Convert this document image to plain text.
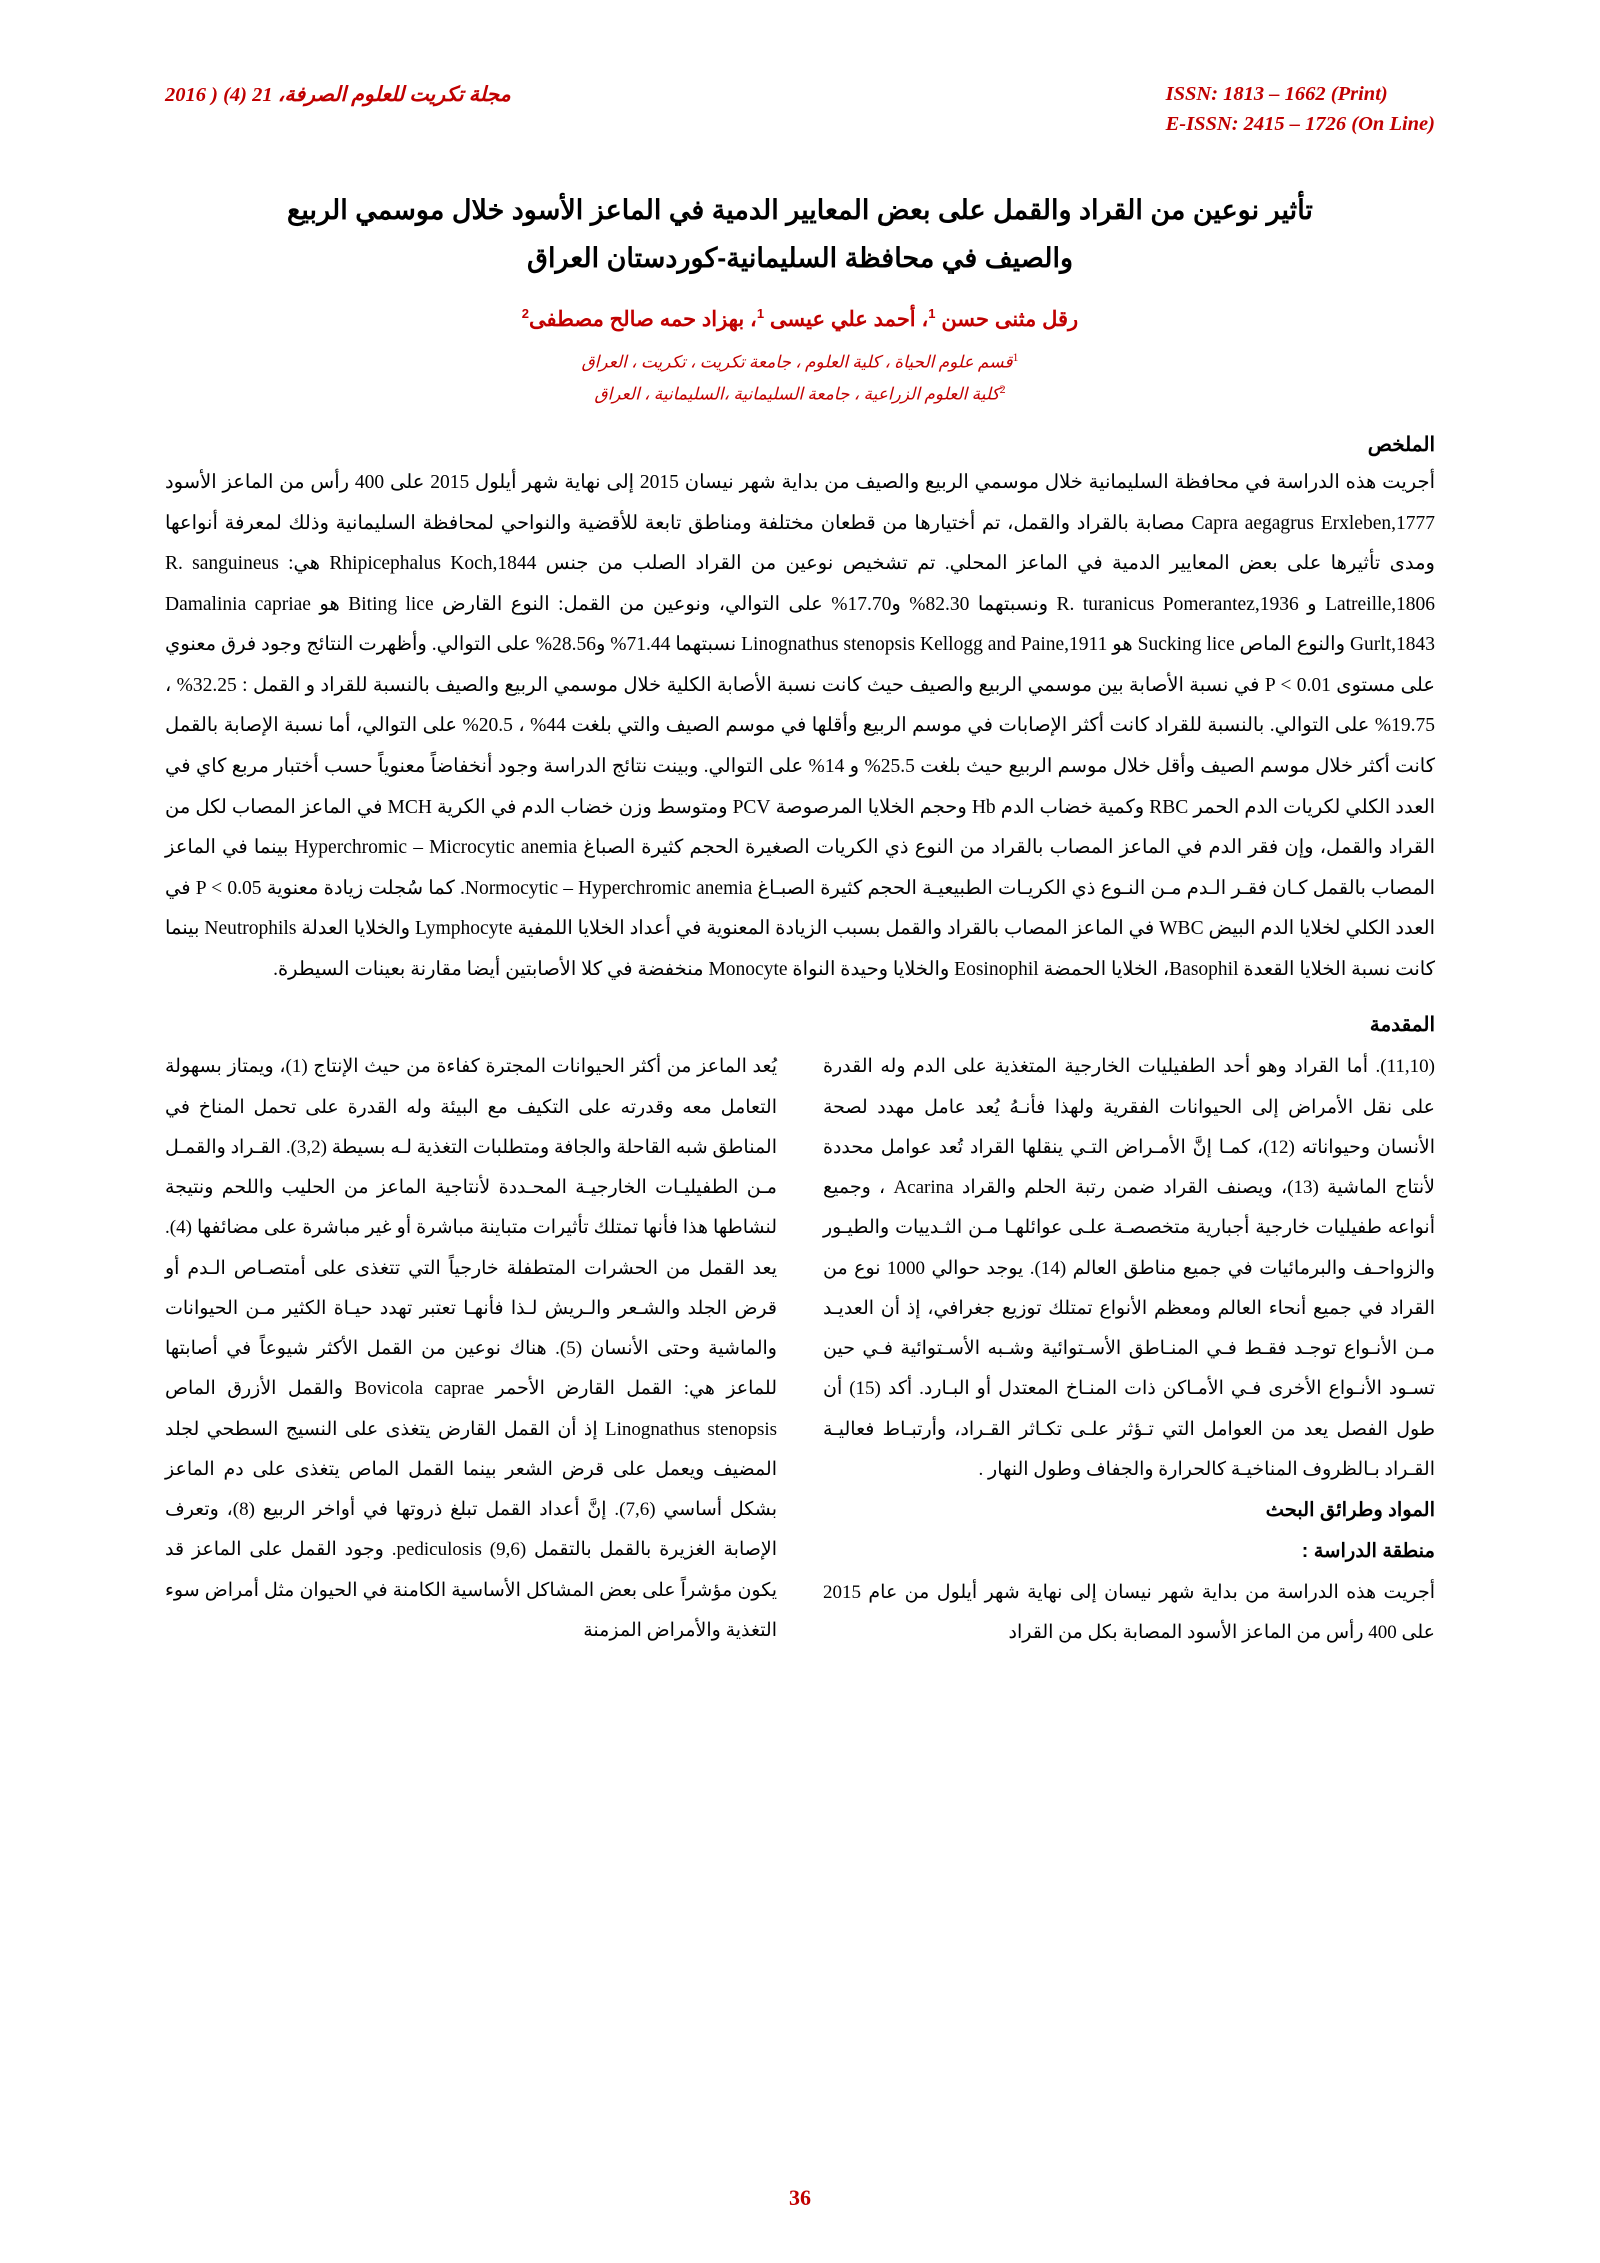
مجلة تكريت للعلوم الصرفة، 21 (4) ( 2016	ISSN: 1813 – 1662 (Print)
E-ISSN: 2415 – 1726 (On Line)
تأثير نوعين من القراد والقمل على بعض المعايير الدمية في الماعز الأسود خلال موسمي الربيع
والصيف في محافظة السليمانية-كوردستان العراق
رقل مثنى حسن $^1$، أحمد علي عيسى $^1$، بهزاد حمه صالح مصطفى$^2$
$^1$قسم علوم الحياة ، كلية العلوم ، جامعة تكريت ، تكريت ، العراق
$^2$كلية العلوم الزراعية ، جامعة السليمانية ،السليمانية ، العراق
الملخص
أجريت هذه الدراسة في محافظة السليمانية خلال موسمي الربيع والصيف من بداية شهر نيسان 2015 إلى نهاية شهر أيلول 2015 على 400 رأس من الماعز الأسود Capra aegagrus Erxleben,1777 مصابة بالقراد والقمل، تم أختيارها من قطعان مختلفة ومناطق تابعة للأقضية والنواحي لمحافظة السليمانية وذلك لمعرفة أنواعها ومدى تأثيرها على بعض المعايير الدمية في الماعز المحلي. تم تشخيص نوعين من القراد الصلب من جنس Rhipicephalus Koch,1844 هي: R. sanguineus Latreille,1806 و R. turanicus Pomerantez,1936 ونسبتهما 82.30% و17.70% على التوالي، ونوعين من القمل: النوع القارض Biting lice هو Damalinia capriae Gurlt,1843 والنوع الماص Sucking lice هو Linognathus stenopsis Kellogg and Paine,1911 نسبتهما 71.44% و28.56% على التوالي. وأظهرت النتائج وجود فرق معنوي على مستوى P < 0.01 في نسبة الأصابة بين موسمي الربيع والصيف حيث كانت نسبة الأصابة الكلية خلال موسمي الربيع والصيف بالنسبة للقراد و القمل : 32.25% ، 19.75% على التوالي. بالنسبة للقراد كانت أكثر الإصابات في موسم الربيع وأقلها في موسم الصيف والتي بلغت 44% ، 20.5% على التوالي، أما نسبة الإصابة بالقمل كانت أكثر خلال موسم الصيف وأقل خلال موسم الربيع حيث بلغت 25.5% و 14% على التوالي. وبينت نتائج الدراسة وجود أنخفاضاً معنوياً حسب أختبار مربع كاي في العدد الكلي لكريات الدم الحمر RBC وكمية خضاب الدم Hb وحجم الخلايا المرصوصة PCV ومتوسط وزن خضاب الدم في الكرية MCH في الماعز المصاب لكل من القراد والقمل، وإن فقر الدم في الماعز المصاب بالقراد من النوع ذي الكريات الصغيرة الحجم كثيرة الصباغ Hyperchromic – Microcytic anemia بينما في الماعز المصاب بالقمل كـان فقـر الـدم مـن النـوع ذي الكريـات الطبيعيـة الحجم كثيرة الصبـاغ Normocytic – Hyperchromic anemia. كما سُجلت زيادة معنوية P < 0.05 في العدد الكلي لخلايا الدم البيض WBC في الماعز المصاب بالقراد والقمل بسبب الزيادة المعنوية في أعداد الخلايا اللمفية Lymphocyte والخلايا العدلة Neutrophils بينما كانت نسبة الخلايا القعدة Basophil، الخلايا الحمضة Eosinophil والخلايا وحيدة النواة Monocyte منخفضة في كلا الأصابتين أيضا مقارنة بعينات السيطرة.
المقدمة

(11,10). أما القراد وهو أحد الطفيليات الخارجية المتغذية على الدم وله القدرة على نقل الأمراض إلى الحيوانات الفقرية ولهذا فأنـهُ يُعد عامل مهدد لصحة الأنسان وحيواناته (12)، كمـا إنَّ الأمـراض التـي ينقلها القراد تُعد عوامل محددة لأنتاج الماشية (13)، ويصنف القراد ضمن رتبة الحلم والقراد Acarina ، وجميع أنواعه طفيليات خارجية أجبارية متخصصـة علـى عوائلهـا مـن الثـدييات والطيـور والزواحـف والبرمائيات في جميع مناطق العالم (14). يوجد حوالي 1000 نوع من القراد في جميع أنحاء العالم ومعظم الأنواع تمتلك توزيع جغرافي، إذ أن العديـد مـن الأنـواع توجـد فقـط فـي المنـاطق الأسـتوائية وشـبه الأسـتوائية فـي حين تسـود الأنـواع الأخرى فـي الأمـاكن ذات المنـاخ المعتدل أو البـارد. أكد (15) أن طول الفصل يعد من العوامل التي تـؤثر علـى تكـاثر القـراد، وأرتبـاط فعاليـة القـراد بـالظروف المناخيـة كالحرارة والجفاف وطول النهار .

المواد وطرائق البحث

منطقة الدراسة :

أجريت هذه الدراسة من بداية شهر نيسان إلى نهاية شهر أيلول من عام 2015 على 400 رأس من الماعز الأسود المصابة بكل من القراد

يُعد الماعز من أكثر الحيوانات المجترة كفاءة من حيث الإنتاج (1)، ويمتاز بسهولة التعامل معه وقدرته على التكيف مع البيئة وله القدرة على تحمل المناخ في المناطق شبه القاحلة والجافة ومتطلبات التغذية لـه بسيطة (3,2). القـراد والقمـل مـن الطفيليـات الخارجيـة المحـددة لأنتاجية الماعز من الحليب واللحم ونتيجة لنشاطها هذا فأنها تمتلك تأثيرات متباينة مباشرة أو غير مباشرة على مضائفها (4). يعد القمل من الحشرات المتطفلة خارجياً التي تتغذى على أمتصـاص الـدم أو قرض الجلد والشـعر والـريش لـذا فأنهـا تعتبر تهدد حيـاة الكثير مـن الحيوانات والماشية وحتى الأنسان (5). هناك نوعين من القمل الأكثر شيوعاً في أصابتها للماعز هي: القمل القارض الأحمر Bovicola caprae والقمل الأزرق الماص Linognathus stenopsis إذ أن القمل القارض يتغذى على النسيج السطحي لجلد المضيف ويعمل على قرض الشعر بينما القمل الماص يتغذى على دم الماعز بشكل أساسي (7,6). إنَّ أعداد القمل تبلغ ذروتها في أواخر الربيع (8)، وتعرف الإصابة الغزيرة بالقمل بالتقمل pediculosis (9,6). وجود القمل على الماعز قد يكون مؤشراً على بعض المشاكل الأساسية الكامنة في الحيوان مثل أمراض سوء التغذية والأمراض المزمنة

36
